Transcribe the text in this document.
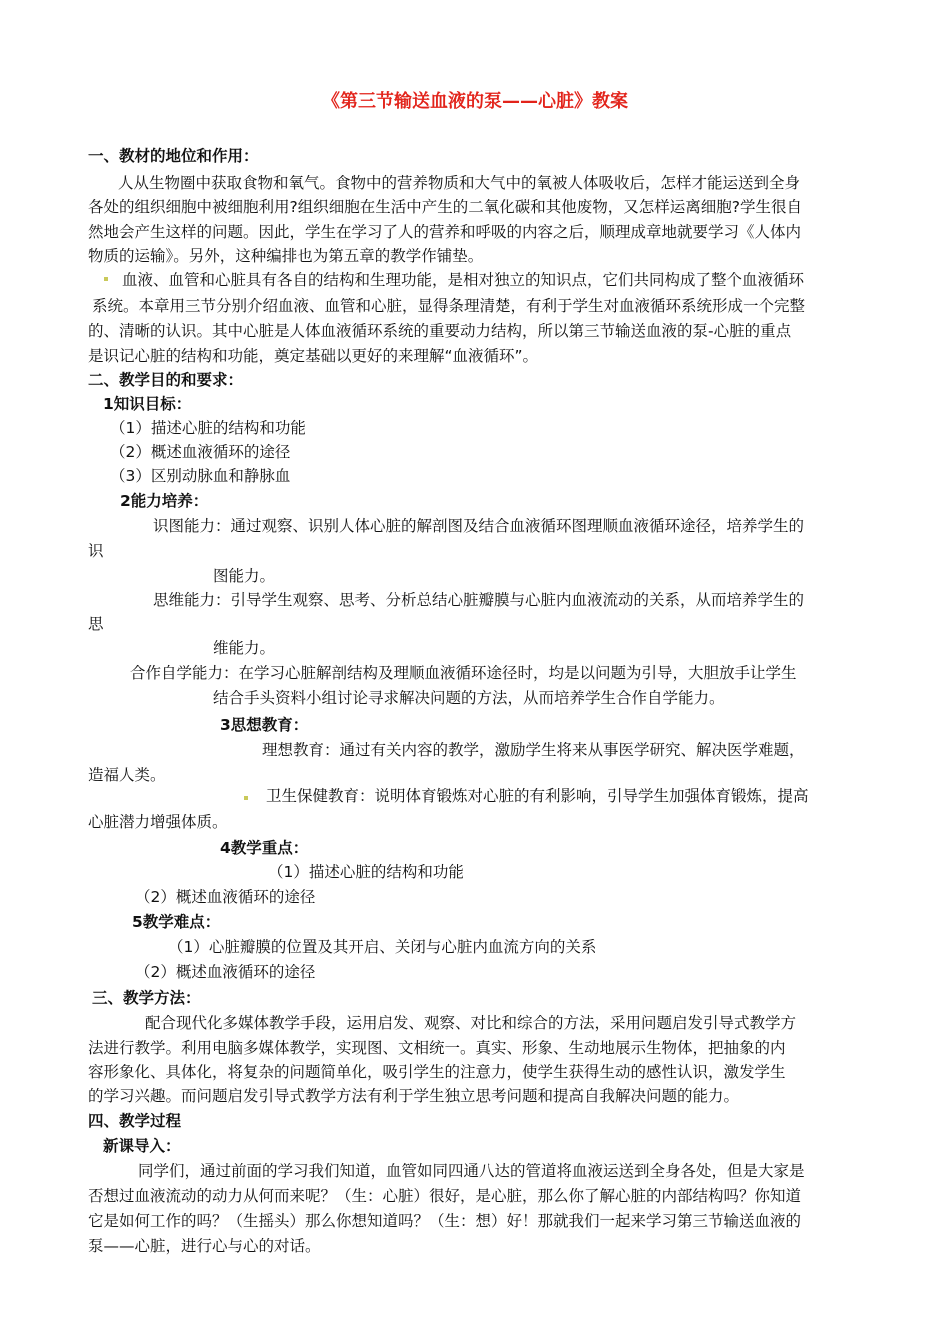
《第三节输送血液的泵——心脏》教案
一、教材的地位和作用：
人从生物圈中获取食物和氧气。食物中的营养物质和大气中的氧被人体吸收后，怎样才能运送到全身
各处的组织细胞中被细胞利用?组织细胞在生活中产生的二氧化碳和其他废物，又怎样运离细胞?学生很自
然地会产生这样的问题。因此，学生在学习了人的营养和呼吸的内容之后，顺理成章地就要学习《人体内
物质的运输》。另外，这种编排也为第五章的教学作铺垫。
血液、血管和心脏具有各自的结构和生理功能，是相对独立的知识点，它们共同构成了整个血液循环
系统。本章用三节分别介绍血液、血管和心脏，显得条理清楚，有利于学生对血液循环系统形成一个完整
的、清晰的认识。其中心脏是人体血液循环系统的重要动力结构，所以第三节输送血液的泵-心脏的重点
是识记心脏的结构和功能，奠定基础以更好的来理解“血液循环”。
二、教学目的和要求：
1知识目标：
（1）描述心脏的结构和功能
（2）概述血液循环的途径
（3）区别动脉血和静脉血
2能力培养：
识图能力：通过观察、识别人体心脏的解剖图及结合血液循环图理顺血液循环途径，培养学生的
识
图能力。
思维能力：引导学生观察、思考、分析总结心脏瓣膜与心脏内血液流动的关系，从而培养学生的
思
维能力。
合作自学能力：在学习心脏解剖结构及理顺血液循环途径时，均是以问题为引导，大胆放手让学生
结合手头资料小组讨论寻求解决问题的方法，从而培养学生合作自学能力。
3思想教育：
理想教育：通过有关内容的教学，激励学生将来从事医学研究、解决医学难题，
造福人类。
卫生保健教育：说明体育锻炼对心脏的有利影响，引导学生加强体育锻炼，提高
心脏潜力增强体质。
4教学重点：
（1）描述心脏的结构和功能
（2）概述血液循环的途径
5教学难点：
（1）心脏瓣膜的位置及其开启、关闭与心脏内血流方向的关系
（2）概述血液循环的途径
三、教学方法：
配合现代化多媒体教学手段，运用启发、观察、对比和综合的方法，采用问题启发引导式教学方
法进行教学。利用电脑多媒体教学，实现图、文相统一。真实、形象、生动地展示生物体，把抽象的内
容形象化、具体化，将复杂的问题简单化，吸引学生的注意力，使学生获得生动的感性认识，激发学生
的学习兴趣。而问题启发引导式教学方法有利于学生独立思考问题和提高自我解决问题的能力。
四、教学过程
新课导入：
同学们，通过前面的学习我们知道，血管如同四通八达的管道将血液运送到全身各处，但是大家是
否想过血液流动的动力从何而来呢？（生：心脏）很好，是心脏，那么你了解心脏的内部结构吗？你知道
它是如何工作的吗？（生摇头）那么你想知道吗？（生：想）好！那就我们一起来学习第三节输送血液的
泵——心脏，进行心与心的对话。
